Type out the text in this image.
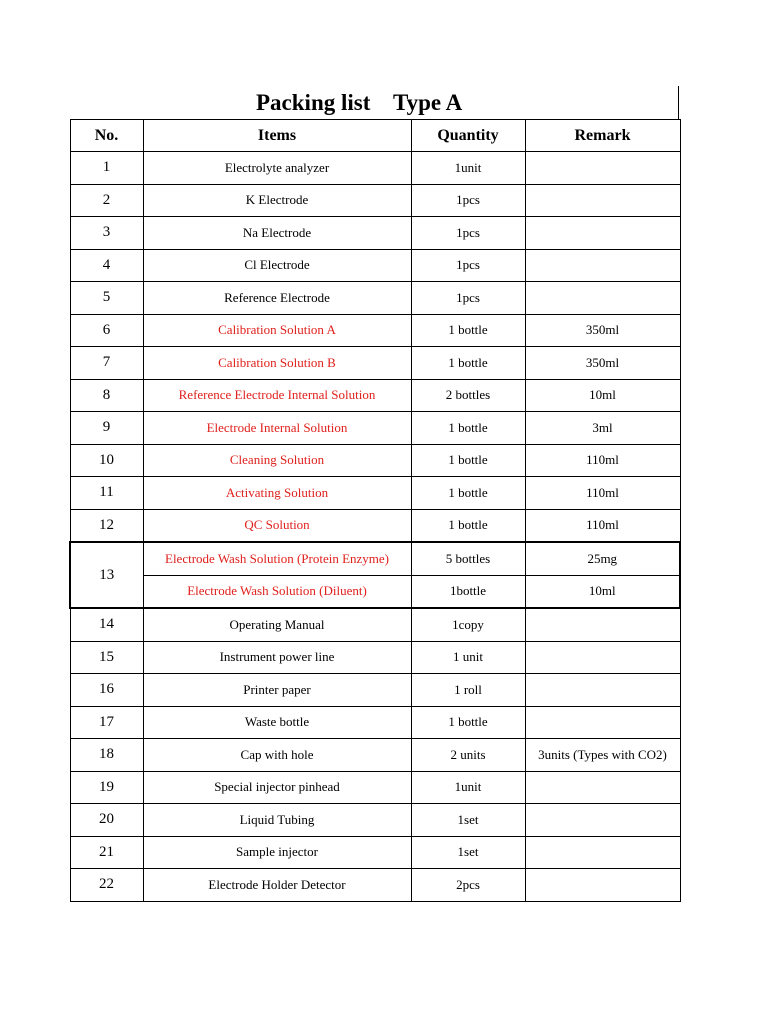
Packing list    Type A
No.	Items	Quantity	Remark
1	Electrolyte analyzer	1unit	
2	K Electrode	1pcs	
3	Na Electrode	1pcs	
4	Cl Electrode	1pcs	
5	Reference Electrode	1pcs	
6	Calibration Solution A	1 bottle	350ml
7	Calibration Solution B	1 bottle	350ml
8	Reference Electrode Internal Solution	2 bottles	10ml
9	Electrode Internal Solution	1 bottle	3ml
10	Cleaning Solution	1 bottle	110ml
11	Activating Solution	1 bottle	110ml
12	QC Solution	1 bottle	110ml
13	Electrode Wash Solution (Protein Enzyme)	5 bottles	25mg
	Electrode Wash Solution (Diluent)	1bottle	10ml
14	Operating Manual	1copy	
15	Instrument power line	1 unit	
16	Printer paper	1 roll	
17	Waste bottle	1 bottle	
18	Cap with hole	2 units	3units (Types with CO2)
19	Special injector pinhead	1unit	
20	Liquid Tubing	1set	
21	Sample injector	1set	
22	Electrode Holder Detector	2pcs	
